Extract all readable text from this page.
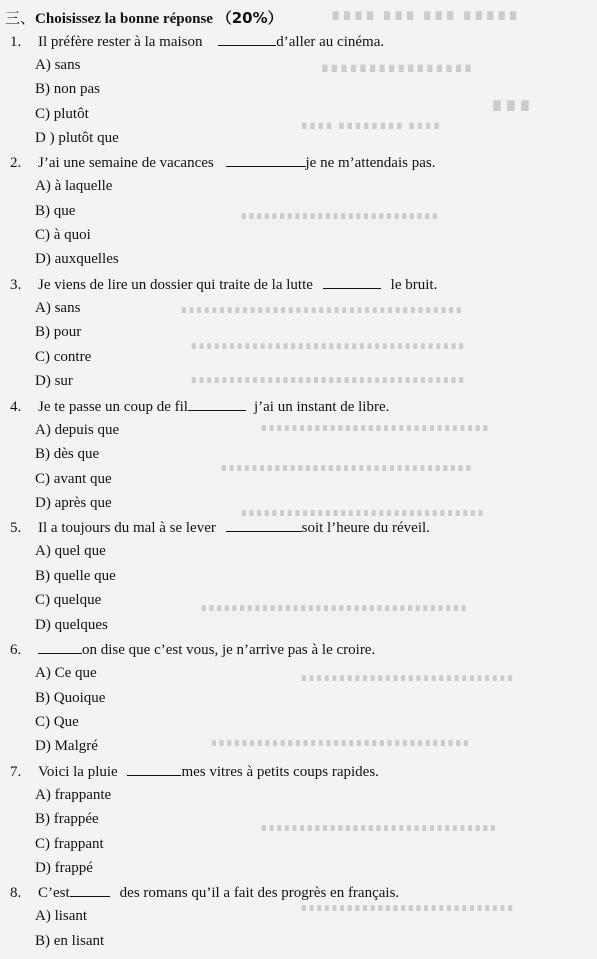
∎∎∎∎ ∎∎∎ ∎∎∎ ∎∎∎∎∎
∎∎∎∎∎∎∎∎∎∎∎∎∎∎∎∎
∎∎∎
∎∎∎∎ ∎∎∎∎∎∎∎∎ ∎∎∎∎
∎∎∎∎∎∎∎∎∎∎∎∎∎∎∎∎∎∎∎∎∎∎∎∎∎∎
∎∎∎∎∎∎∎∎∎∎∎∎∎∎∎∎∎∎∎∎∎∎∎∎∎∎∎∎∎∎∎∎∎∎∎∎∎
∎∎∎∎∎∎∎∎∎∎∎∎∎∎∎∎∎∎∎∎∎∎∎∎∎∎∎∎∎∎∎∎∎∎∎∎
∎∎∎∎∎∎∎∎∎∎∎∎∎∎∎∎∎∎∎∎∎∎∎∎∎∎∎∎∎∎∎∎∎∎∎∎
∎∎∎∎∎∎∎∎∎∎∎∎∎∎∎∎∎∎∎∎∎∎∎∎∎∎∎∎∎∎
∎∎∎∎∎∎∎∎∎∎∎∎∎∎∎∎∎∎∎∎∎∎∎∎∎∎∎∎∎∎∎∎∎
∎∎∎∎∎∎∎∎∎∎∎∎∎∎∎∎∎∎∎∎∎∎∎∎∎∎∎∎∎∎∎∎
∎∎∎∎∎∎∎∎∎∎∎∎∎∎∎∎∎∎∎∎∎∎∎∎∎∎∎∎∎∎∎∎∎∎∎
∎∎∎∎∎∎∎∎∎∎∎∎∎∎∎∎∎∎∎∎∎∎∎∎∎∎∎∎
∎∎∎∎∎∎∎∎∎∎∎∎∎∎∎∎∎∎∎∎∎∎∎∎∎∎∎∎∎∎∎∎∎∎
∎∎∎∎∎∎∎∎∎∎∎∎∎∎∎∎∎∎∎∎∎∎∎∎∎∎∎∎∎∎∎
∎∎∎∎∎∎∎∎∎∎∎∎∎∎∎∎∎∎∎∎∎∎∎∎∎∎∎∎
三、Choisissez la bonne réponse （20%）
1. Il préfère rester à la maison	d’aller au cinéma.
A) sans
B) non pas
C) plutôt
D ) plutôt que
2. J’ai une semaine de vacances	je ne m’attendais pas.
A) à laquelle
B) que
C) à quoi
D) auxquelles
3. Je viens de lire un dossier qui traite de la lutte	le bruit.
A) sans
B) pour
C) contre
D) sur
4. Je te passe un coup de fil	j’ai un instant de libre.
A) depuis que
B) dès que
C) avant que
D) après que
5. Il a toujours du mal à se lever	soit l’heure du réveil.
A) quel que
B) quelle que
C) quelque
D) quelques
6.	on dise que c’est vous, je n’arrive pas à le croire.
A) Ce que
B) Quoique
C) Que
D) Malgré
7. Voici la pluie	mes vitres à petits coups rapides.
A) frappante
B) frappée
C) frappant
D) frappé
8. C’est	des romans qu’il a fait des progrès en français.
A) lisant
B) en lisant
